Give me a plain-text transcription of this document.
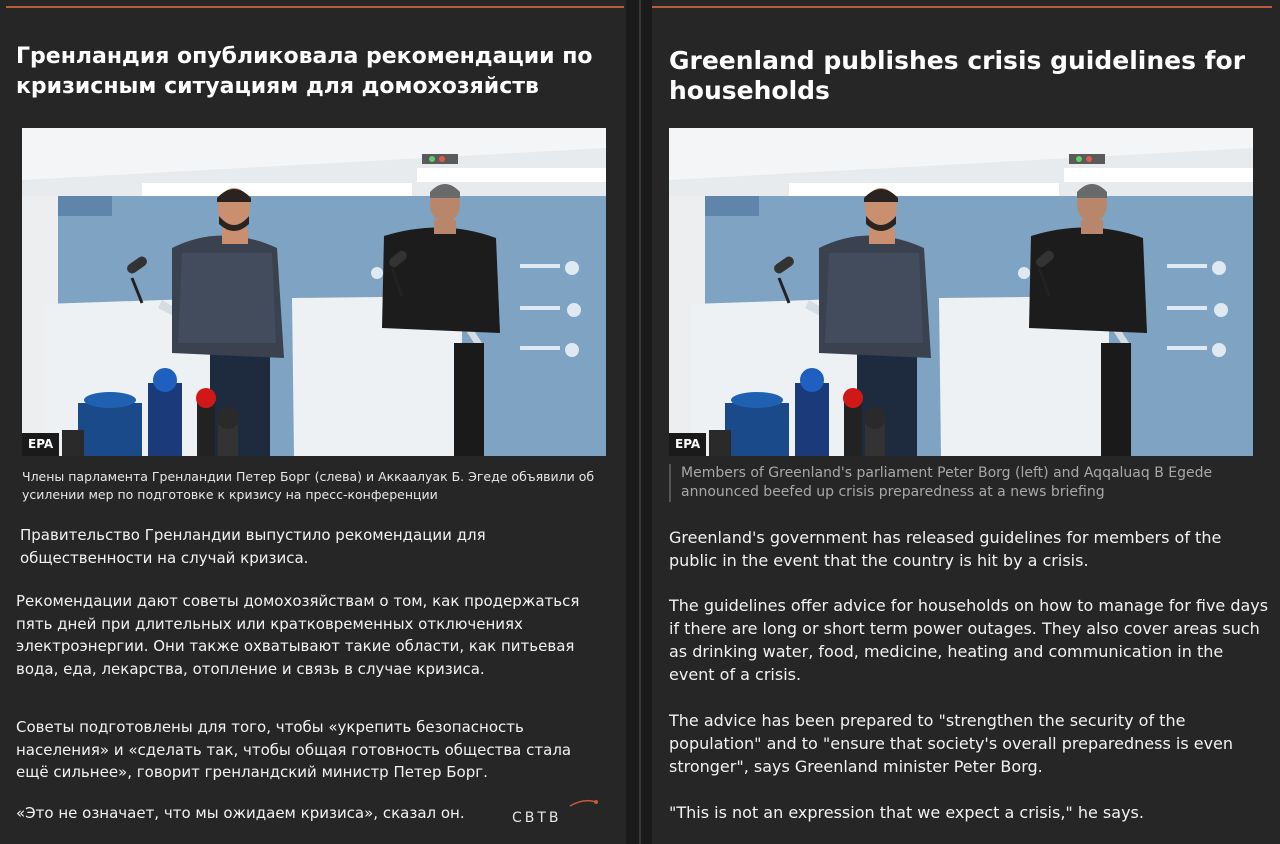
Гренландия опубликовала рекомендации по кризисным ситуациям для домохозяйств
EPA

Члены парламента Гренландии Петер Борг (слева) и Аккаалуак Б. Эгеде объявили об усилении мер по подготовке к кризису на пресс-конференции

Правительство Гренландии выпустило рекомендации для общественности на случай кризиса.

Рекомендации дают советы домохозяйствам о том, как продержаться пять дней при длительных или кратковременных отключениях электроэнергии. Они также охватывают такие области, как питьевая вода, еда, лекарства, отопление и связь в случае кризиса.

Советы подготовлены для того, чтобы «укрепить безопасность населения» и «сделать так, чтобы общая готовность общества стала ещё сильнее», говорит гренландский министр Петер Борг.

«Это не означает, что мы ожидаем кризиса», сказал он.	СВТВ
Greenland publishes crisis guidelines for households
EPA

Members of Greenland's parliament Peter Borg (left) and Aqqaluaq B Egede announced beefed up crisis preparedness at a news briefing

Greenland's government has released guidelines for members of the public in the event that the country is hit by a crisis.

The guidelines offer advice for households on how to manage for five days if there are long or short term power outages. They also cover areas such as drinking water, food, medicine, heating and communication in the event of a crisis.

The advice has been prepared to "strengthen the security of the population" and to "ensure that society's overall preparedness is even stronger", says Greenland minister Peter Borg.

"This is not an expression that we expect a crisis," he says.
